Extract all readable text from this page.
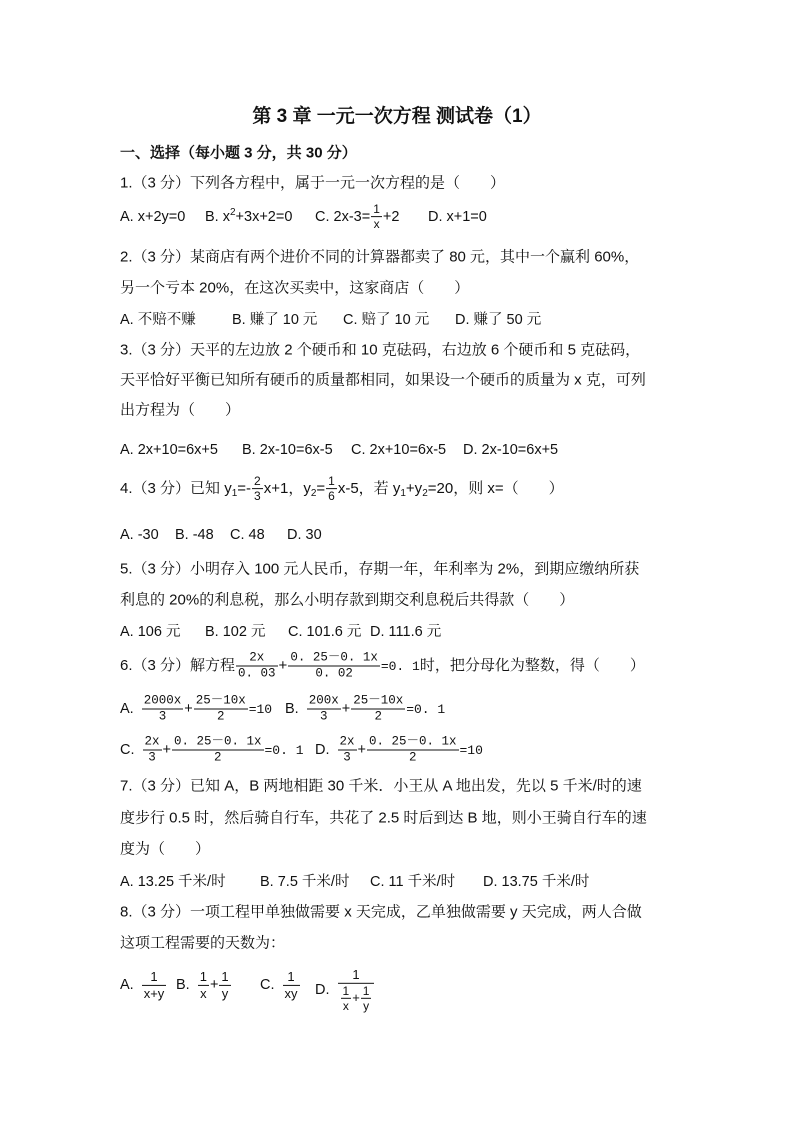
第 3 章 一元一次方程 测试卷（1）
一、选择（每小题 3 分，共 30 分）
1.（3 分）下列各方程中，属于一元一次方程的是（　　）
A. x+2y=0 B. $x^2+3x+2=0$ C. $2x-3= \frac{1}{x} +2$ D. x+1=0
2.（3 分）某商店有两个进价不同的计算器都卖了 80 元，其中一个赢利 60%，
另一个亏本 20%，在这次买卖中，这家商店（　　）
A. 不赔不赚	B. 赚了 10 元 C. 赔了 10 元 D. 赚了 50 元
3.（3 分）天平的左边放 2 个硬币和 10 克砝码，右边放 6 个硬币和 5 克砝码，
天平恰好平衡已知所有硬币的质量都相同，如果设一个硬币的质量为 x 克，可列
出方程为（　　）
A. 2x+10=6x+5 B. 2x-10=6x-5 C. 2x+10=6x-5 D. 2x-10=6x+5
4.（3 分）已知 $y_1=- \frac{2}{3} x+1$，$y_2= \frac{1}{6} x-5$，若 $y_1+y_2=20$，则 x=（　　）
A. -30 B. -48 C. 48 D. 30
5.（3 分）小明存入 100 元人民币，存期一年，年利率为 2%，到期应缴纳所获
利息的 20%的利息税，那么小明存款到期交利息税后共得款（　　）
A. 106 元 B. 102 元 C. 101.6 元 D. 111.6 元
6.（3 分）解方程 $\frac{2x}{0. 03} + \frac{0. 25-0. 1x}{0. 02} =0$. 1时，把分母化为整数，得（　　）
A. $\frac{2000x}{3} + \frac{25-10x}{2} =10$ B. $\frac{200x}{3} + \frac{25-10x}{2} =0$. 1
C. $\frac{2x}{3} + \frac{0. 25-0. 1x}{2} =0$. 1 D. $\frac{2x}{3} + \frac{0. 25-0. 1x}{2} =10$
7.（3 分）已知 A，B 两地相距 30 千米．小王从 A 地出发，先以 5 千米/时的速
度步行 0.5 时，然后骑自行车，共花了 2.5 时后到达 B 地，则小王骑自行车的速
度为（　　）
A. 13.25 千米/时 B. 7.5 千米/时 C. 11 千米/时 D. 13.75 千米/时
8.（3 分）一项工程甲单独做需要 x 天完成，乙单独做需要 y 天完成，两人合做
这项工程需要的天数为：
A. $\frac{1}{x+y} B$. $\frac{1}{x} + \frac{1}{y} C$. $\frac{1}{xy} D$. $\frac{1}{\frac{1}{x} + \frac{1}{y}}$
